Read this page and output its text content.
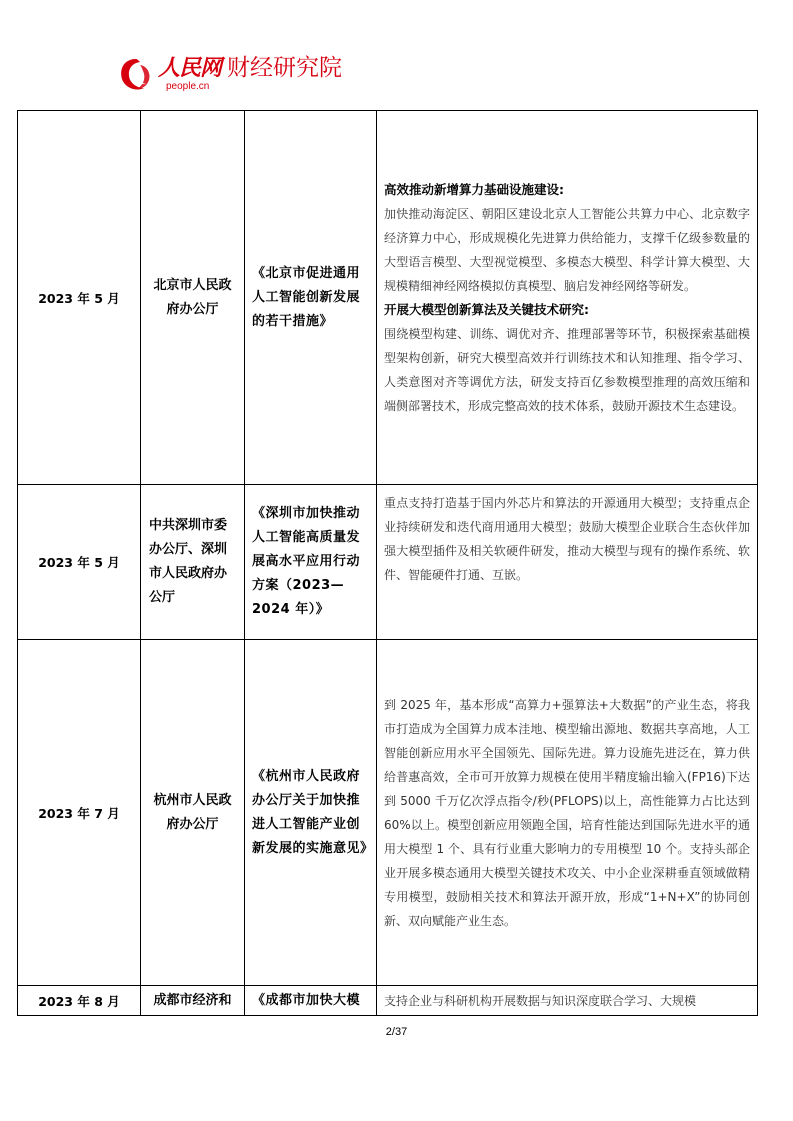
人民网
people.cn
财经研究院
2023 年 5 月	北京市人民政府办公厅	《北京市促进通用人工智能创新发展的若干措施》	高效推动新增算力基础设施建设:
加快推动海淀区、朝阳区建设北京人工智能公共算力中心、北京数字经济算力中心，形成规模化先进算力供给能力，支撑千亿级参数量的大型语言模型、大型视觉模型、多模态大模型、科学计算大模型、大规模精细神经网络模拟仿真模型、脑启发神经网络等研发。
开展大模型创新算法及关键技术研究:
围绕模型构建、训练、调优对齐、推理部署等环节，积极探索基础模型架构创新，研究大模型高效并行训练技术和认知推理、指令学习、人类意图对齐等调优方法，研发支持百亿参数模型推理的高效压缩和端侧部署技术，形成完整高效的技术体系，鼓励开源技术生态建设。

2023 年 5 月	中共深圳市委办公厅、深圳市人民政府办公厅	《深圳市加快推动人工智能高质量发展高水平应用行动方案（2023—2024 年）》	重点支持打造基于国内外芯片和算法的开源通用大模型；支持重点企业持续研发和迭代商用通用大模型；鼓励大模型企业联合生态伙伴加强大模型插件及相关软硬件研发，推动大模型与现有的操作系统、软件、智能硬件打通、互嵌。

2023 年 7 月	杭州市人民政府办公厅	《杭州市人民政府办公厅关于加快推进人工智能产业创新发展的实施意见》	到 2025 年，基本形成“高算力+强算法+大数据”的产业生态，将我市打造成为全国算力成本洼地、模型输出源地、数据共享高地，人工智能创新应用水平全国领先、国际先进。算力设施先进泛在，算力供给普惠高效，全市可开放算力规模在使用半精度输出输入(FP16)下达到 5000 千万亿次浮点指令/秒(PFLOPS)以上，高性能算力占比达到 60%以上。模型创新应用领跑全国，培育性能达到国际先进水平的通用大模型 1 个、具有行业重大影响力的专用模型 10 个。支持头部企业开展多模态通用大模型关键技术攻关、中小企业深耕垂直领域做精专用模型，鼓励相关技术和算法开源开放，形成“1+N+X”的协同创新、双向赋能产业生态。

2023 年 8 月	成都市经济和	《成都市加快大模	支持企业与科研机构开展数据与知识深度联合学习、大规模
2/37
